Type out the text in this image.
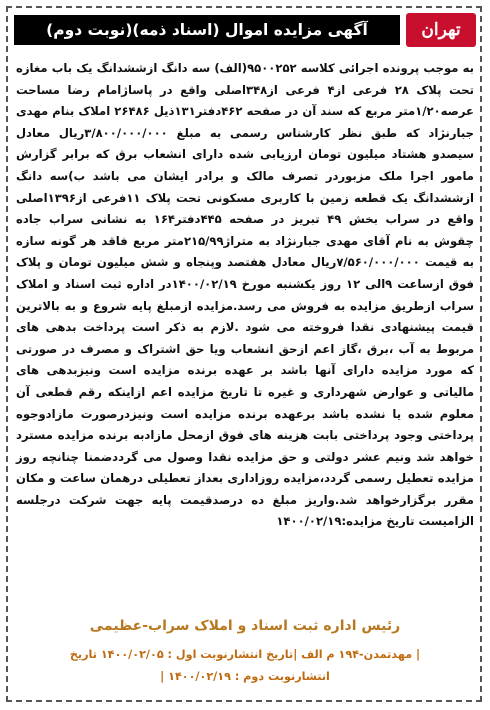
تهران
آگهی مزایده اموال (اسناد ذمه)(نوبت دوم)

به موجب پرونده اجرائی کلاسه ۹۵۰۰۲۵۲(الف) سه دانگ ازششدانگ یک باب مغازه تحت پلاک ۲۸ فرعی از۴ فرعی از۳۴۸اصلی واقع در پاساژامام رضا مساحت عرصه۱/۲۰متر مربع که سند آن در صفحه ۴۶۲دفتر۱۳۱ذیل ۲۶۴۸۶ املاک بنام مهدی جبارنژاد که طبق نظر کارشناس رسمی به مبلغ ۳/۸۰۰/۰۰۰/۰۰۰ریال معادل سیصدو هشتاد میلیون تومان ارزیابی شده دارای انشعاب برق که برابر گزارش مامور اجرا ملک مزبوردر تصرف مالک و برادر ایشان می باشد ب)سه دانگ ازششدانگ یک قطعه زمین با کاربری مسکونی تحت پلاک ۱۱فرعی از۱۳۹۶اصلی واقع در سراب بخش ۴۹ تبریز در صفحه ۴۴۵دفتر۱۶۴ به نشانی سراب جاده چقوش به نام آقای مهدی جبارنژاد به متراژ۲۱۵/۹۹متر مربع فاقد هر گونه سازه به قیمت ۷/۵۶۰/۰۰۰/۰۰۰ریال معادل هفتصد وپنجاه و شش میلیون تومان و پلاک فوق ازساعت ۹الی ۱۲ روز یکشنبه مورخ ۱۴۰۰/۰۲/۱۹در اداره ثبت اسناد و املاک سراب ازطریق مزایده به فروش می رسد.مزایده ازمبلغ پایه شروع و به بالاترین قیمت پیشنهادی نقدا فروخته می شود .لازم به ذکر است پرداخت بدهی های مربوط به آب ،برق ،گاز اعم ازحق انشعاب ویا حق اشتراک و مصرف در صورتی که مورد مزایده دارای آنها باشد بر عهده برنده مزایده است ونیزبدهی های مالیاتی و عوارض شهرداری و غیره تا تاریخ مزایده اعم ازاینکه رقم قطعی آن معلوم شده یا نشده باشد برعهده برنده مزایده است ونیزدرصورت مازادوجوه پرداختی وجود پرداختی بابت هزینه های فوق ازمحل مازادبه برنده مزایده مسترد خواهد شد ونیم عشر دولتی و حق مزایده نقدا وصول می گرددضمنا چنانچه روز مزایده تعطیل رسمی گردد،مزایده روزاداری بعداز تعطیلی درهمان ساعت و مکان مقرر برگزارخواهد شد.واریز مبلغ ده درصدقیمت پایه جهت شرکت درجلسه الزامیست تاریخ مزایده:۱۴۰۰/۰۲/۱۹

رئیس اداره ثبت اسناد و املاک سراب-عظیمی
| مهدتمدن-۱۹۴ م الف |تاریخ انتشارنوبت اول : ۱۴۰۰/۰۲/۰۵ تاریخ
انتشارنوبت دوم : ۱۴۰۰/۰۲/۱۹ |
